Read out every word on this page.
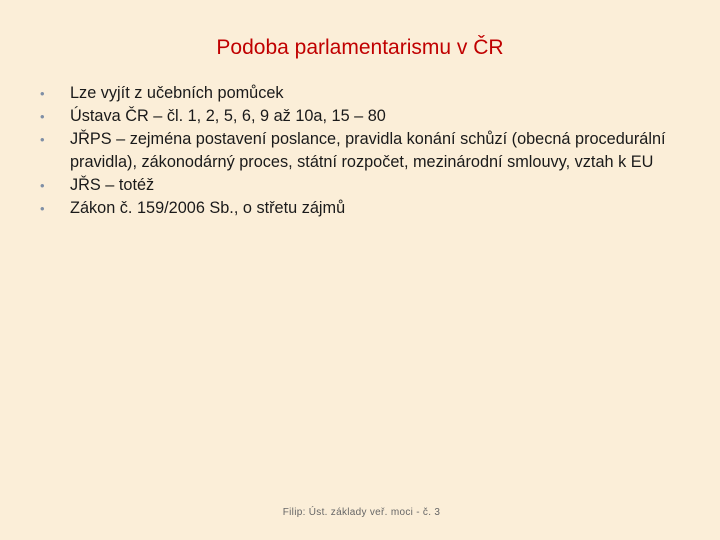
Podoba parlamentarismu v ČR
•	Lze vyjít z učebních pomůcek
•	Ústava ČR – čl. 1, 2, 5, 6, 9 až 10a, 15 – 80
•	JŘPS – zejména postavení poslance, pravidla konání schůzí (obecná procedurální pravidla), zákonodárný proces, státní rozpočet, mezinárodní smlouvy, vztah k EU
•	JŘS – totéž
•	Zákon č. 159/2006 Sb., o střetu zájmů
Filip: Úst. základy veř. moci - č. 3
